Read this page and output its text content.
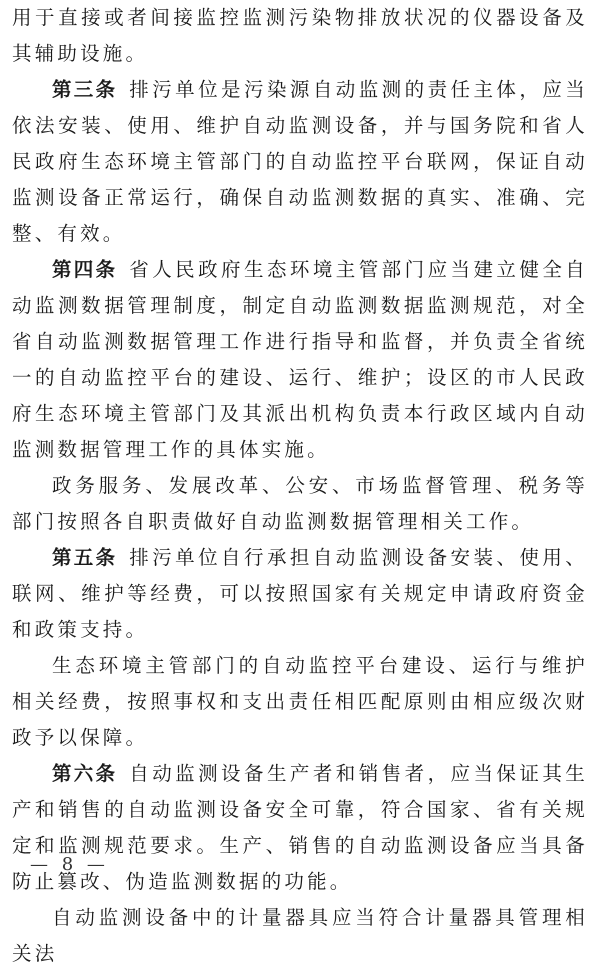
用于直接或者间接监控监测污染物排放状况的仪器设备及其辅助设施。

第三条 排污单位是污染源自动监测的责任主体，应当依法安装、使用、维护自动监测设备，并与国务院和省人民政府生态环境主管部门的自动监控平台联网，保证自动监测设备正常运行，确保自动监测数据的真实、准确、完整、有效。

第四条 省人民政府生态环境主管部门应当建立健全自动监测数据管理制度，制定自动监测数据监测规范，对全省自动监测数据管理工作进行指导和监督，并负责全省统一的自动监控平台的建设、运行、维护；设区的市人民政府生态环境主管部门及其派出机构负责本行政区域内自动监测数据管理工作的具体实施。

政务服务、发展改革、公安、市场监督管理、税务等部门按照各自职责做好自动监测数据管理相关工作。

第五条 排污单位自行承担自动监测设备安装、使用、联网、维护等经费，可以按照国家有关规定申请政府资金和政策支持。

生态环境主管部门的自动监控平台建设、运行与维护相关经费，按照事权和支出责任相匹配原则由相应级次财政予以保障。

第六条 自动监测设备生产者和销售者，应当保证其生产和销售的自动监测设备安全可靠，符合国家、省有关规定和监测规范要求。生产、销售的自动监测设备应当具备防止篡改、伪造监测数据的功能。

自动监测设备中的计量器具应当符合计量器具管理相关法

— 8 —
